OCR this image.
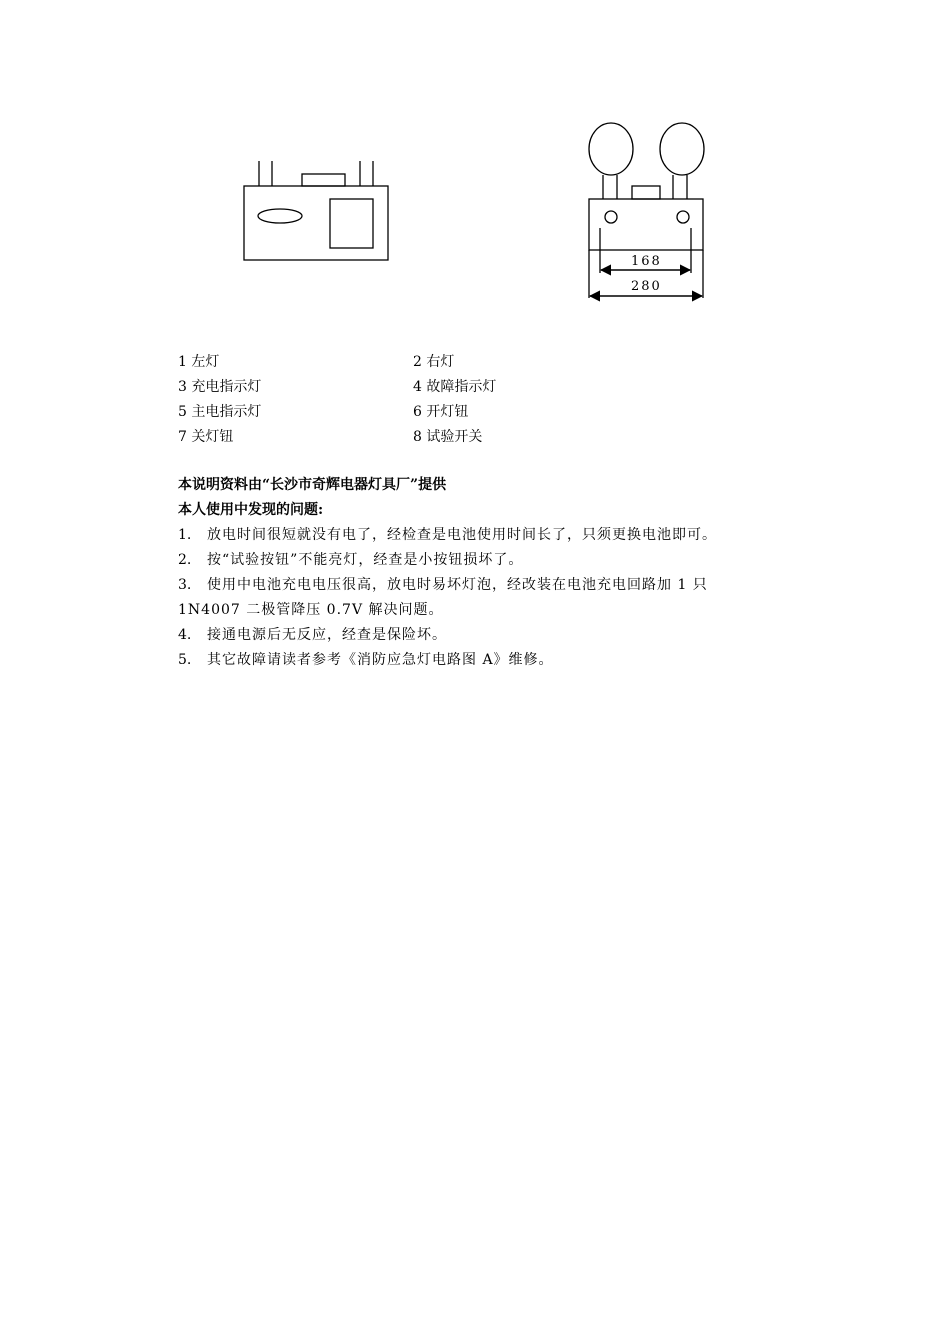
168
280
1 左灯	2 右灯
3 充电指示灯	4 故障指示灯
5 主电指示灯	6 开灯钮
7 关灯钮	8 试验开关
本说明资料由“长沙市奇辉电器灯具厂”提供
本人使用中发现的问题:
1.	放电时间很短就没有电了，经检查是电池使用时间长了，只须更换电池即可。
2.	按“试验按钮”不能亮灯，经查是小按钮损坏了。
3.	使用中电池充电电压很高，放电时易坏灯泡，经改装在电池充电回路加 1 只
1N4007 二极管降压 0.7V 解决问题。
4.	接通电源后无反应，经查是保险坏。
5.	其它故障请读者参考《消防应急灯电路图 A》维修。
